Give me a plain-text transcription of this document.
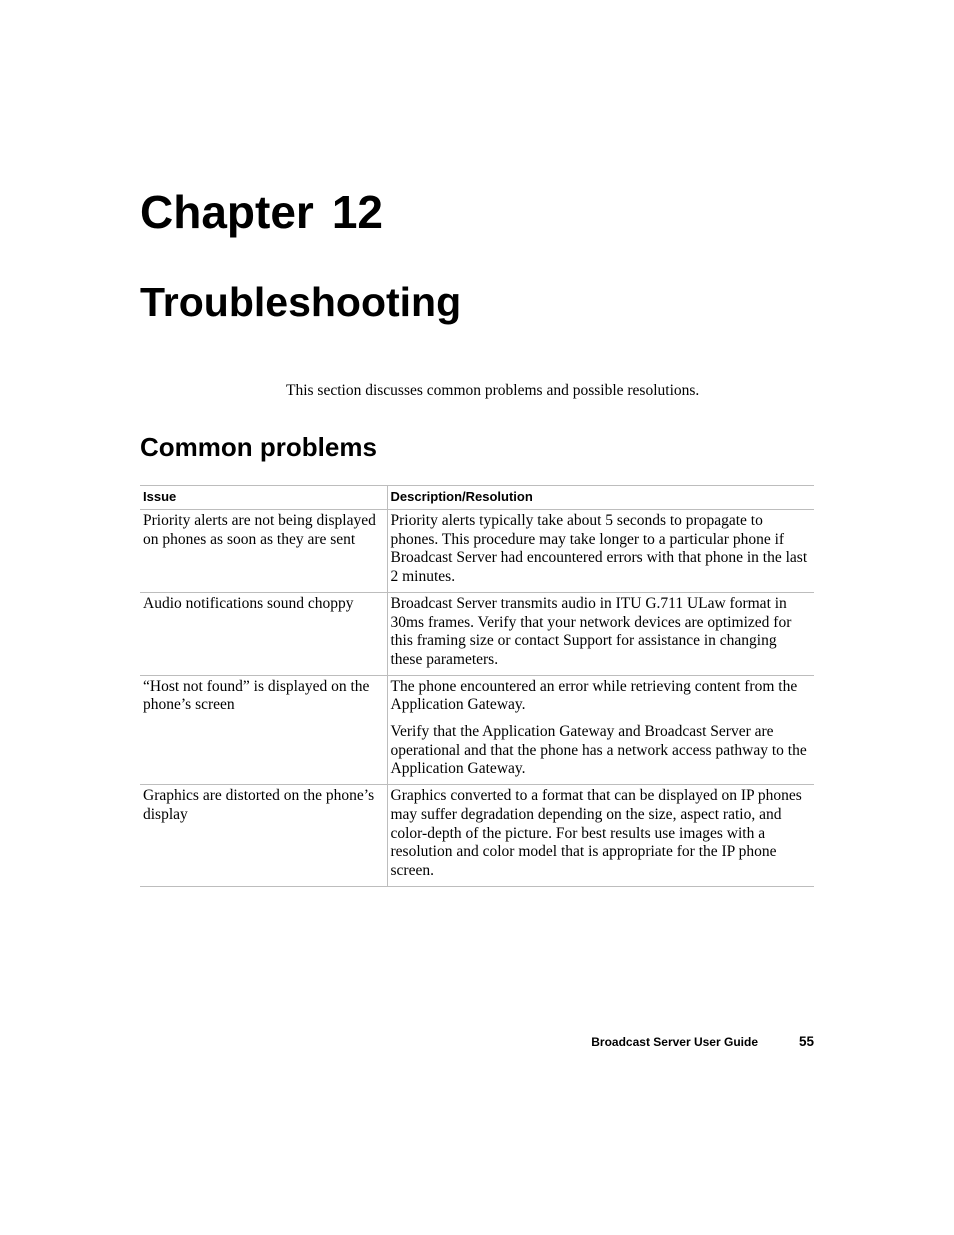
Chapter 12
Troubleshooting

This section discusses common problems and possible resolutions.

Common problems
Issue	Description/Resolution
Priority alerts are not being displayed on phones as soon as they are sent	Priority alerts typically take about 5 seconds to propagate to phones. This procedure may take longer to a particular phone if Broadcast Server had encountered errors with that phone in the last 2 minutes.

Audio notifications sound choppy	Broadcast Server transmits audio in ITU G.711 ULaw format in 30ms frames. Verify that your network devices are optimized for this framing size or contact Support for assistance in changing these parameters.

“Host not found” is displayed on the phone’s screen	The phone encountered an error while retrieving content from the Application Gateway.

Verify that the Application Gateway and Broadcast Server are operational and that the phone has a network access pathway to the Application Gateway.

Graphics are distorted on the phone’s display	Graphics converted to a format that can be displayed on IP phones may suffer degradation depending on the size, aspect ratio, and color-depth of the picture. For best results use images with a resolution and color model that is appropriate for the IP phone screen.

Broadcast Server User Guide	55
